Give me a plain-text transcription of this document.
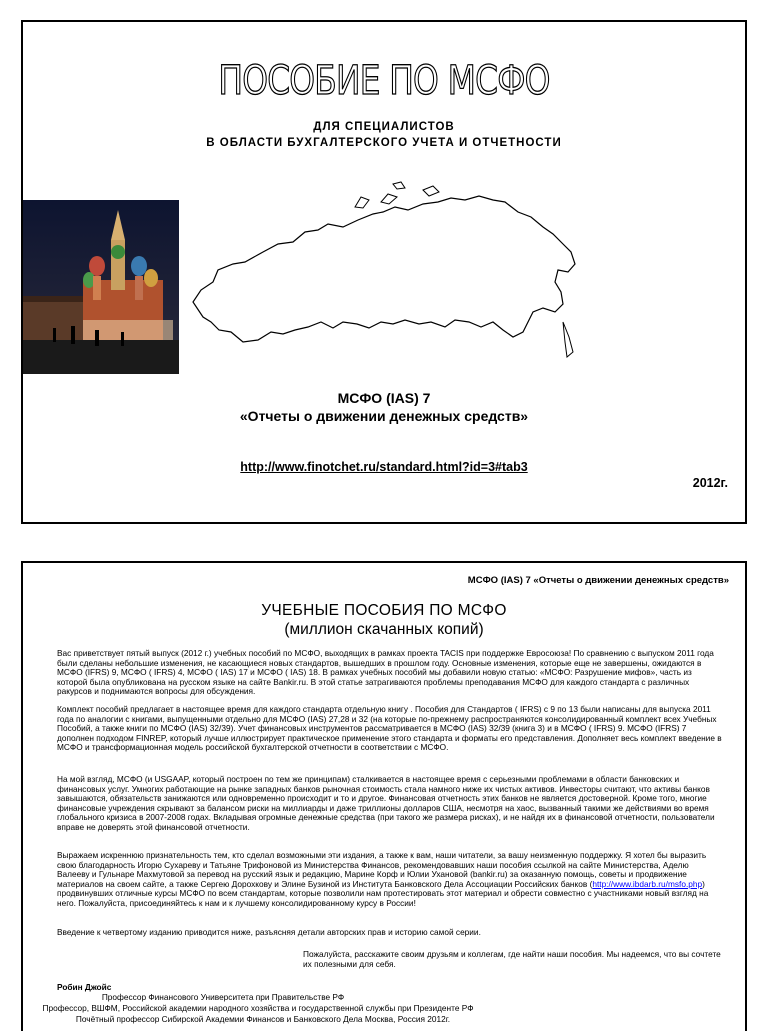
ПОСОБИЕ ПО МСФО
ДЛЯ СПЕЦИАЛИСТОВ
В ОБЛАСТИ БУХГАЛТЕРСКОГО УЧЕТА И ОТЧЕТНОСТИ
МСФО (IAS) 7
«Отчеты о движении денежных средств»
http://www.finotchet.ru/standard.html?id=3#tab3
2012г.
МСФО (IAS) 7 «Отчеты о движении денежных средств»
УЧЕБНЫЕ ПОСОБИЯ ПО МСФО
(миллион скачанных копий)
Вас приветствует пятый выпуск (2012 г.) учебных пособий по МСФО, выходящих в рамках проекта TACIS при поддержке Евросоюза! По сравнению с выпуском 2011 года были сделаны небольшие изменения, не касающиеся новых стандартов, вышедших в прошлом году. Основные изменения, которые еще не завершены, ожидаются в МСФО (IFRS) 9, МСФО ( IFRS) 4, МСФО ( IAS) 17 и МСФО ( IAS) 18. В рамках учебных пособий мы добавили новую статью: «МСФО: Разрушение мифов», часть из которой была опубликована на русском языке на сайте Bankir.ru. В этой статье затрагиваются проблемы преподавания МСФО для каждого стандарта с различных ракурсов и поднимаются вопросы для обсуждения.
Комплект пособий предлагает в настоящее время для каждого стандарта отдельную книгу . Пособия для Стандартов ( IFRS) с 9 по 13 были написаны для выпуска 2011 года по аналогии с книгами, выпущенными отдельно для МСФО (IAS) 27,28 и 32 (на которые по-прежнему распространяются консолидированный комплект всех Учебных Пособий, а также книги по МСФО (IAS) 32/39). Учет финансовых инструментов рассматривается в МСФО (IAS) 32/39 (книга 3) и в МСФО ( IFRS) 9. МСФО (IFRS) 7 дополнен подходом FINREP, который лучше иллюстрирует практическое применение этого стандарта и форматы его представления. Дополняет весь комплект введение в МСФО и трансформационная модель российской бухгалтерской отчетности в соответствии с МСФО.
На мой взгляд, МСФО (и USGAAP, который построен по тем же принципам) сталкивается в настоящее время с серьезными проблемами в области банковских и финансовых услуг. Умногих работающие на рынке западных банков рыночная стоимость стала намного ниже их чистых активов. Инвесторы считают, что активы банков завышаются, обязательств занижаются или одновременно происходит и то и другое. Финансовая отчетность этих банков не является достоверной. Кроме того, многие финансовые учреждения скрывают за балансом риски на миллиарды и даже триллионы долларов США, несмотря на хаос, вызванный такими же действиями во время глобального кризиса в 2007-2008 годах. Вкладывая огромные денежные средства (при такого же размера рисках), и не найдя их в финансовой отчетности, пользователи вправе не доверять этой финансовой отчетности.
Выражаем искреннюю признательность тем, кто сделал возможными эти издания, а также к вам, наши читатели, за вашу неизменную поддержку. Я хотел бы выразить свою благодарность Игорю Сухареву и Татьяне Трифоновой из Министерства Финансов, рекомендовавших наши пособия ссылкой на сайте Министерства, Аделю Валееву и Гульнаре Махмутовой за перевод на русский язык и редакцию, Марине Корф и Юлии Ухановой (bankir.ru) за оказанную помощь, советы и продвижение материалов на своем сайте, а также Сергею Дорохкову и Элине Бузиной из Института Банковского Дела Ассоциации Российских банков (http://www.ibdarb.ru/msfo.php) продвинувших отличные курсы МСФО по всем стандартам, которые позволили нам протестировать этот материал и обрести совместно с участниками новый взгляд на него. Пожалуйста, присоединяйтесь к нам и к лучшему консолидированному курсу в России!
Введение к четвертому изданию приводится ниже, разъясняя детали авторских прав и историю самой серии.
Пожалуйста, расскажите своим друзьям и коллегам, где найти наши пособия. Мы надеемся, что вы сочтете их полезными для себя.
Робин Джойс
Профессор Финансового Университета при Правительстве РФ
Профессор, ВШФМ, Российской академии народного хозяйства и государственной службы при Президенте РФ
Почётный профессор Сибирской Академии Финансов и Банковского Дела Москва, Россия 2012г.
